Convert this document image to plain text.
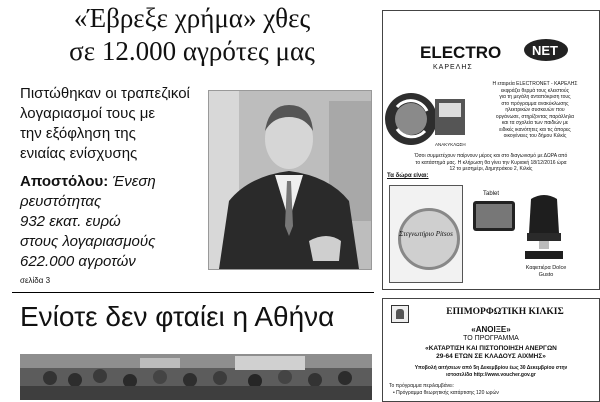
«Έβρεξε χρήμα» χθες
σε 12.000 αγρότες μας
Πιστώθηκαν οι τραπεζικοί
λογαριασμοί τους με
την εξόφληση της
ενιαίας ενίσχυσης
Αποστόλου: Ένεση
ρευστότητας
932 εκατ. ευρώ
στους λογαριασμούς
622.000 αγροτών
σελίδα 3
Ενίοτε δεν φταίει η Αθήνα
ELECTRO NET
ΚΑΡΕΛΗΣ
ΑΝΑΚΥΚΛΩΣΗ
Η εταιρεία ELECTRONET - ΚΑΡΕΛΗΣ
εκφράζει θερμά τους κλειστούς
για τη μεγάλη ανταπόκριση τους
στο πρόγραμμα ανακύκλωσης
ηλεκτρικών συσκευών που
οργάνωσε, στηρίζοντας παράλληλα
και τα σχολεία των παιδιών με
ειδικές ικανότητες και τις άπορες
οικογένειες του δήμου Κιλκίς
Όσοι συμμετέχουν παίρνουν μέρος και στο διαγωνισμό με ΔΩΡΑ από
το κατάστημά μας. Η κλήρωση θα γίνει την Κυριακή 18/12/2016 ώρα
12 το μεσημέρι, Δημητράκου 2, Κιλκίς
Τα δώρα είναι:
Στεγνωτήριο Pitsos
Tablet
Καφετιέρα Dolce Gusto
ΕΠΙΜΟΡΦΩΤΙΚΗ ΚΙΛΚΙΣ
«ΑΝΟΙΞΕ»
ΤΟ ΠΡΟΓΡΑΜΜΑ
«ΚΑΤΑΡΤΙΣΗ ΚΑΙ ΠΙΣΤΟΠΟΙΗΣΗ ΑΝΕΡΓΩΝ
29-64 ΕΤΩΝ ΣΕ ΚΛΑΔΟΥΣ ΑΙΧΜΗΣ»
Υποβολή αιτήσεων από 5η Δεκεμβρίου έως 30 Δεκεμβρίου στην
ιστοσελίδα http://www.voucher.gov.gr
Το πρόγραμμα περιλαμβάνει:
• Πρόγραμμα θεωρητικής κατάρτισης 120 ωρών
